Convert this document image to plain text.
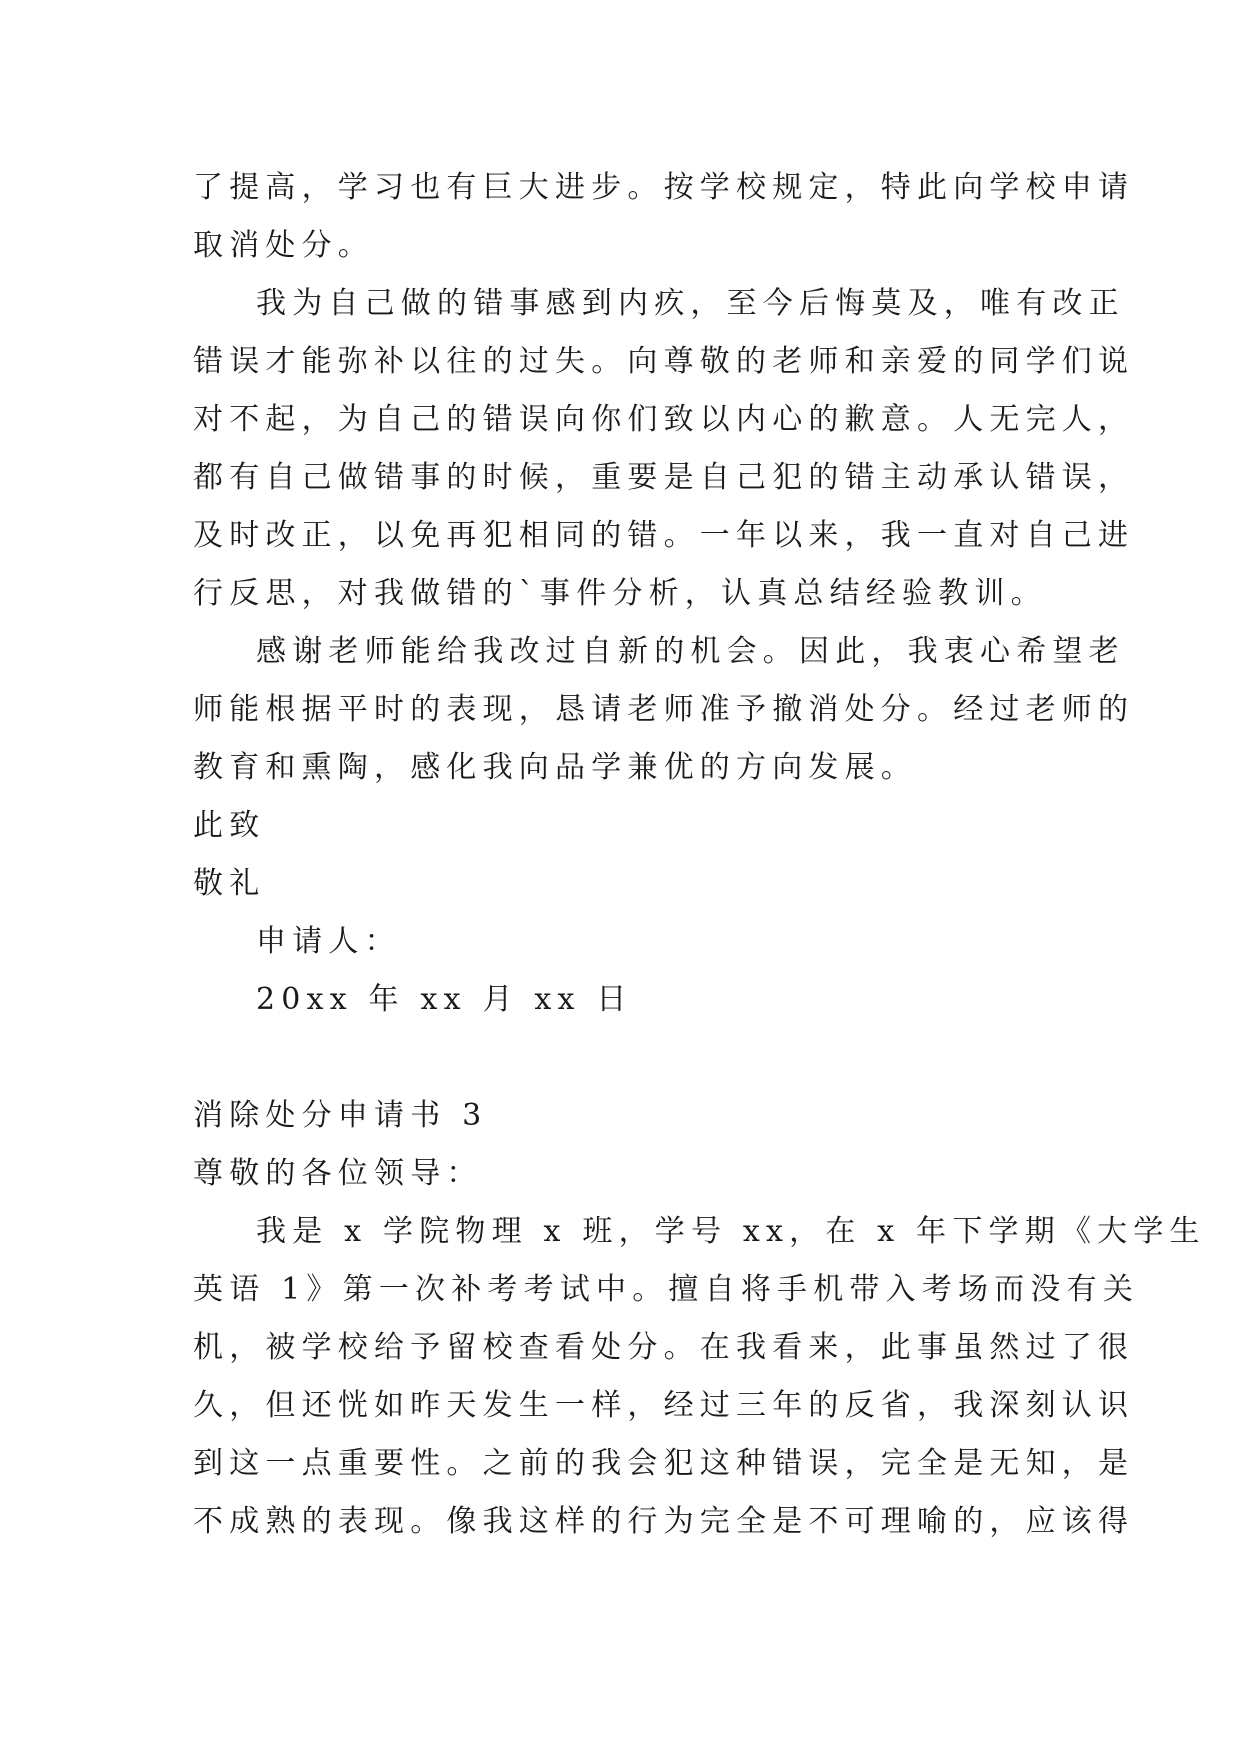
了提高，学习也有巨大进步。按学校规定，特此向学校申请
取消处分。
我为自己做的错事感到内疚，至今后悔莫及，唯有改正
错误才能弥补以往的过失。向尊敬的老师和亲爱的同学们说
对不起，为自己的错误向你们致以内心的歉意。人无完人，
都有自己做错事的时候，重要是自己犯的错主动承认错误，
及时改正，以免再犯相同的错。一年以来，我一直对自己进
行反思，对我做错的`事件分析，认真总结经验教训。
感谢老师能给我改过自新的机会。因此，我衷心希望老
师能根据平时的表现，恳请老师准予撤消处分。经过老师的
教育和熏陶，感化我向品学兼优的方向发展。
此致
敬礼
申请人：
20xx 年 xx 月 xx 日
消除处分申请书 3
尊敬的各位领导：
我是 x 学院物理 x 班，学号 xx，在 x 年下学期《大学生
英语 1》第一次补考考试中。擅自将手机带入考场而没有关
机，被学校给予留校查看处分。在我看来，此事虽然过了很
久，但还恍如昨天发生一样，经过三年的反省，我深刻认识
到这一点重要性。之前的我会犯这种错误，完全是无知，是
不成熟的表现。像我这样的行为完全是不可理喻的，应该得
